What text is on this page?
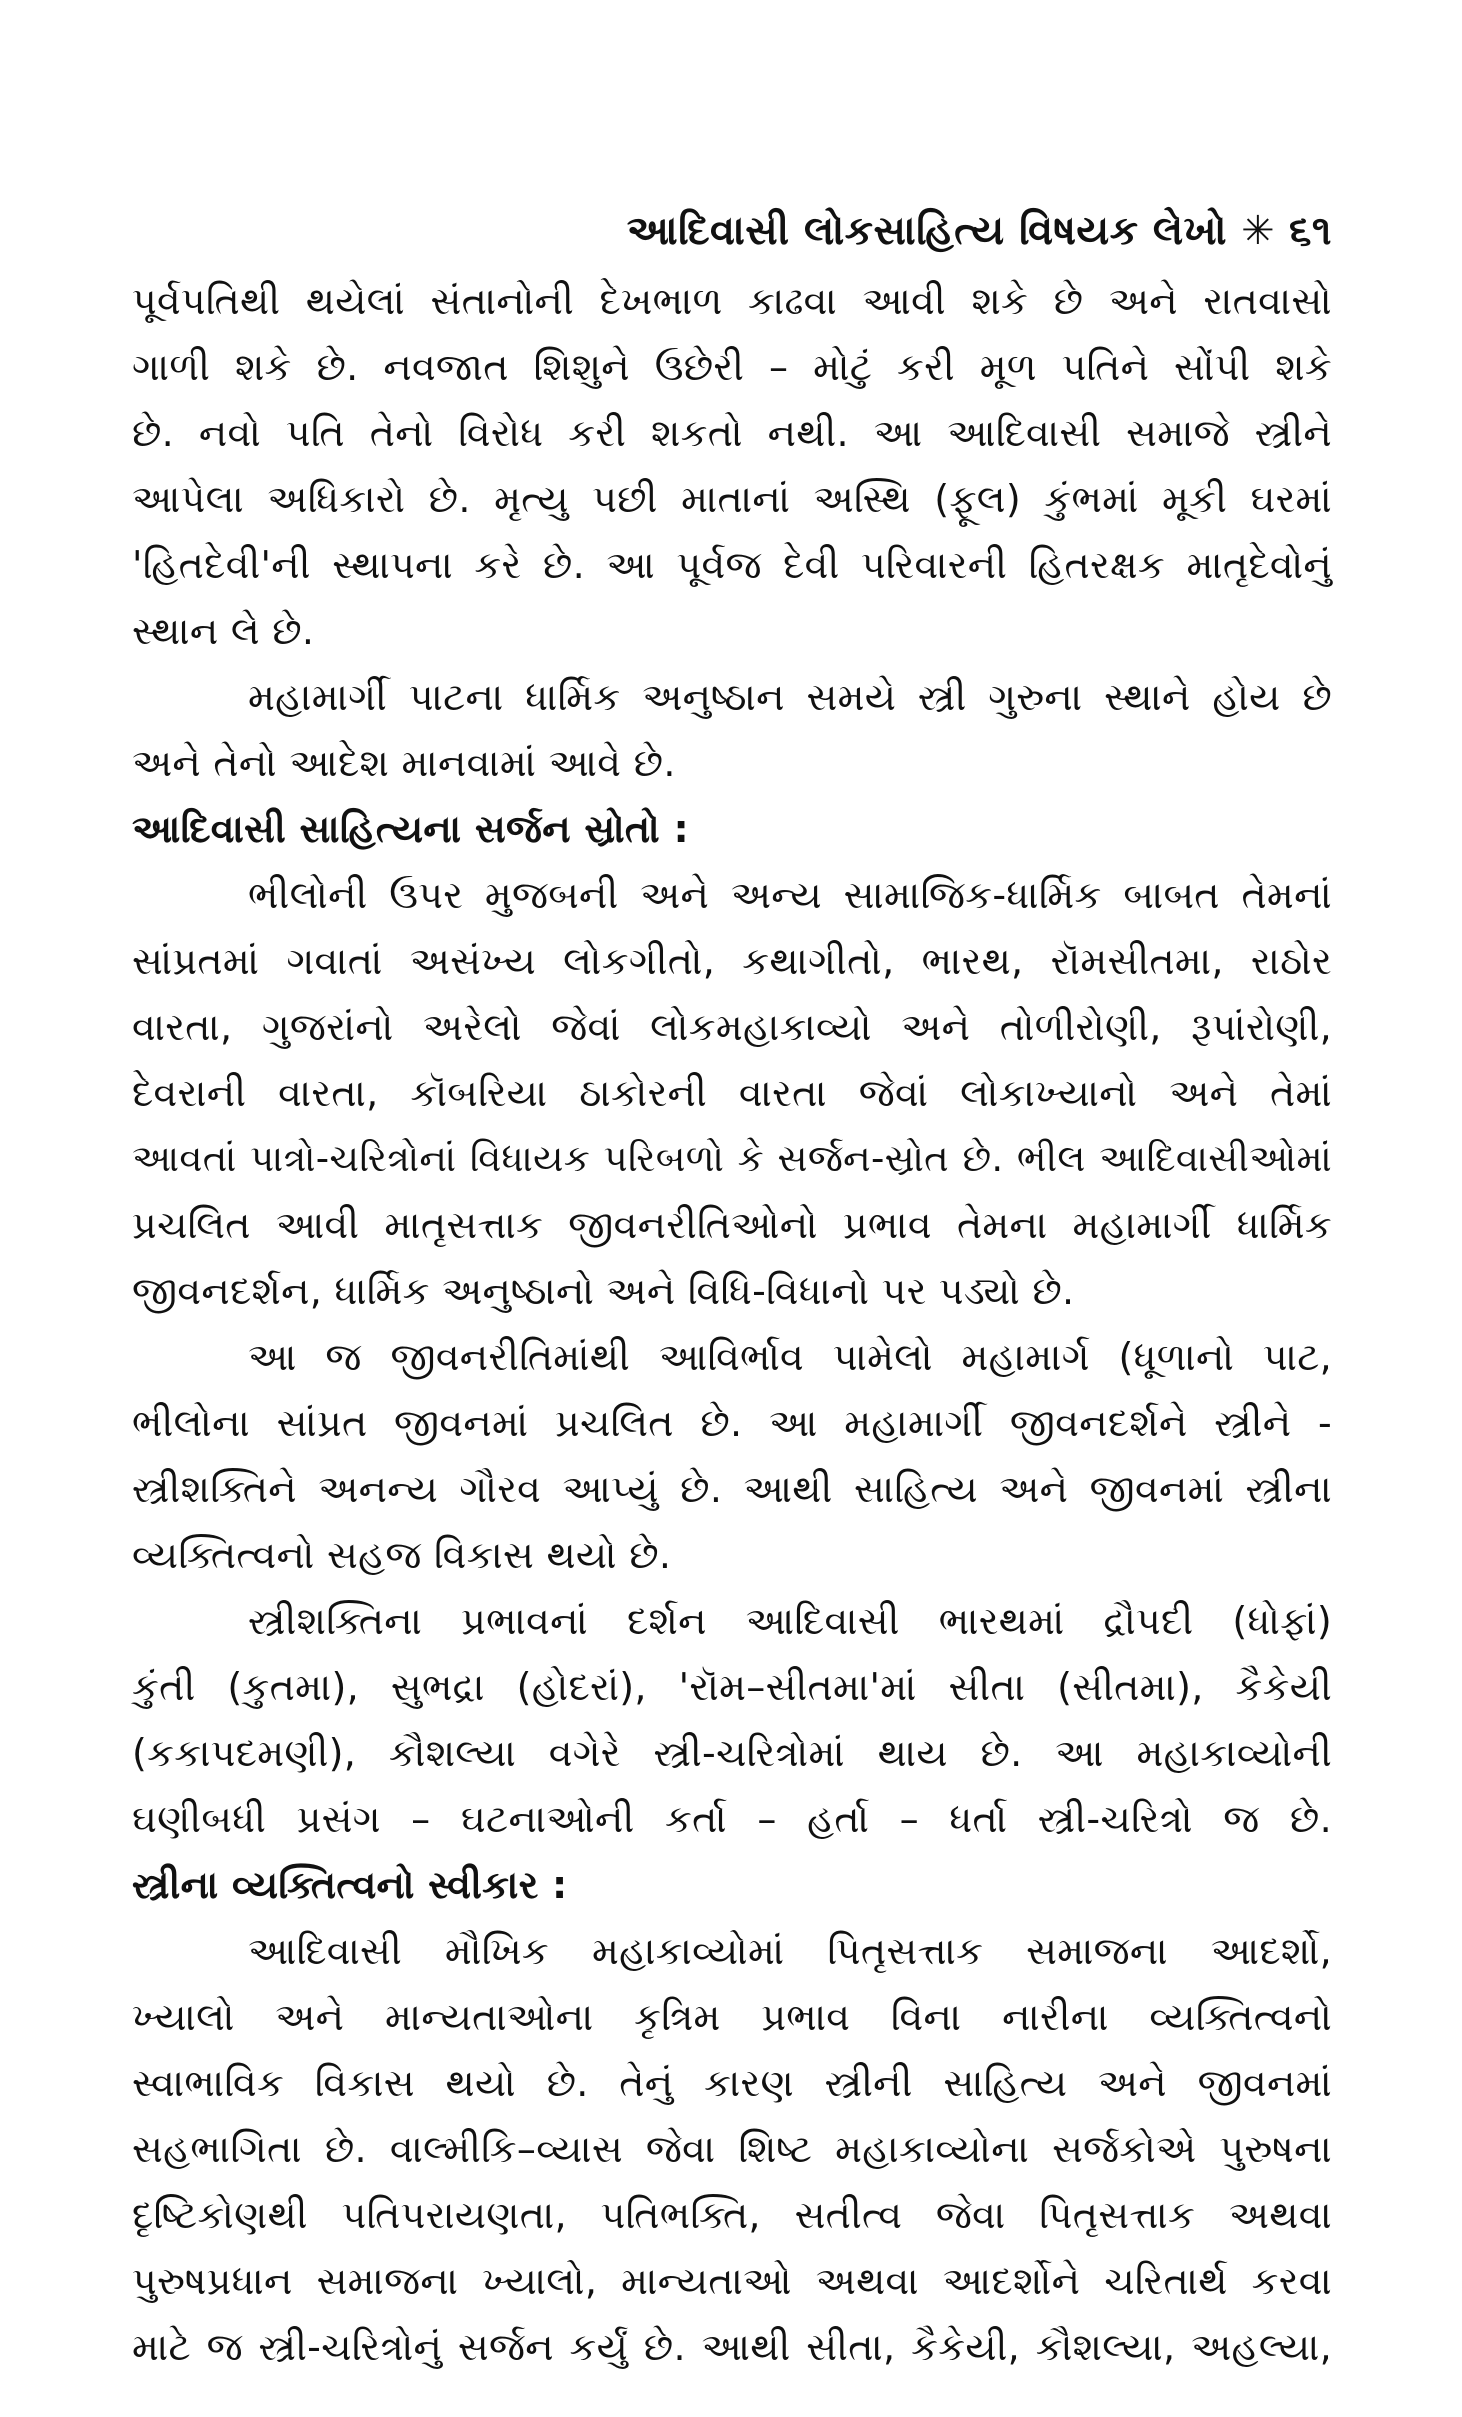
આદિવાસી લોકસાહિત્ય વિષયક લેખો ✳ ૬૧
પૂર્વપતિથી થયેલાં સંતાનોની દેખભાળ કાઢવા આવી શકે છે અને રાતવાસો
ગાળી શકે છે. નવજાત શિશુને ઉછેરી – મોટું કરી મૂળ પતિને સોંપી શકે
છે. નવો પતિ તેનો વિરોધ કરી શકતો નથી. આ આદિવાસી સમાજે સ્ત્રીને
આપેલા અધિકારો છે. મૃત્યુ પછી માતાનાં અસ્થિ (ફૂલ) કુંભમાં મૂકી ઘરમાં
'હિતદેવી'ની સ્થાપના કરે છે. આ પૂર્વજ દેવી પરિવારની હિતરક્ષક માતૃદેવોનું
સ્થાન લે છે.
મહામાર્ગી પાટના ધાર્મિક અનુષ્ઠાન સમયે સ્ત્રી ગુરુના સ્થાને હોય છે
અને તેનો આદેશ માનવામાં આવે છે.
આદિવાસી સાહિત્યના સર્જન સ્રોતો :
ભીલોની ઉપર મુજબની અને અન્ય સામાજિક-ધાર્મિક બાબત તેમનાં
સાંપ્રતમાં ગવાતાં અસંખ્ય લોકગીતો, કથાગીતો, ભારથ, રૉમસીતમા, રાઠોર
વારતા, ગુજરાંનો અરેલો જેવાં લોકમહાકાવ્યો અને તોળીરોણી, રૂપાંરોણી,
દેવરાની વારતા, કૉબરિયા ઠાકોરની વારતા જેવાં લોકાખ્યાનો અને તેમાં
આવતાં પાત્રો-ચરિત્રોનાં વિધાયક પરિબળો કે સર્જન-સ્રોત છે. ભીલ આદિવાસીઓમાં
પ્રચલિત આવી માતૃસત્તાક જીવનરીતિઓનો પ્રભાવ તેમના મહામાર્ગી ધાર્મિક
જીવનદર્શન, ધાર્મિક અનુષ્ઠાનો અને વિધિ-વિધાનો પર પડ્યો છે.
આ જ જીવનરીતિમાંથી આવિર્ભાવ પામેલો મહામાર્ગ (ધૂળાનો પાટ,
ભીલોના સાંપ્રત જીવનમાં પ્રચલિત છે. આ મહામાર્ગી જીવનદર્શને સ્ત્રીને -
સ્ત્રીશક્તિને અનન્ય ગૌરવ આપ્યું છે. આથી સાહિત્ય અને જીવનમાં સ્ત્રીના
વ્યક્તિત્વનો સહજ વિકાસ થયો છે.
સ્ત્રીશક્તિના પ્રભાવનાં દર્શન આદિવાસી ભારથમાં દ્રૌપદી (ધોફાં)
કુંતી (કુતમા), સુભદ્રા (હોદરાં), 'રૉમ–સીતમા'માં સીતા (સીતમા), કૈકેયી
(કકાપદમણી), કૌશલ્યા વગેરે સ્ત્રી-ચરિત્રોમાં થાય છે. આ મહાકાવ્યોની
ઘણીબધી પ્રસંગ – ઘટનાઓની કર્તા – હર્તા – ધર્તા સ્ત્રી-ચરિત્રો જ છે.
સ્ત્રીના વ્યક્તિત્વનો સ્વીકાર :
આદિવાસી મૌખિક મહાકાવ્યોમાં પિતૃસત્તાક સમાજના આદર્શો,
ખ્યાલો અને માન્યતાઓના કૃત્રિમ પ્રભાવ વિના નારીના વ્યક્તિત્વનો
સ્વાભાવિક વિકાસ થયો છે. તેનું કારણ સ્ત્રીની સાહિત્ય અને જીવનમાં
સહભાગિતા છે. વાલ્મીકિ–વ્યાસ જેવા શિષ્ટ મહાકાવ્યોના સર્જકોએ પુરુષના
દૃષ્ટિકોણથી પતિપરાયણતા, પતિભક્તિ, સતીત્વ જેવા પિતૃસત્તાક અથવા
પુરુષપ્રધાન સમાજના ખ્યાલો, માન્યતાઓ અથવા આદર્શોને ચરિતાર્થ કરવા
માટે જ સ્ત્રી-ચરિત્રોનું સર્જન કર્યું છે. આથી સીતા, કૈકેયી, કૌશલ્યા, અહલ્યા,
